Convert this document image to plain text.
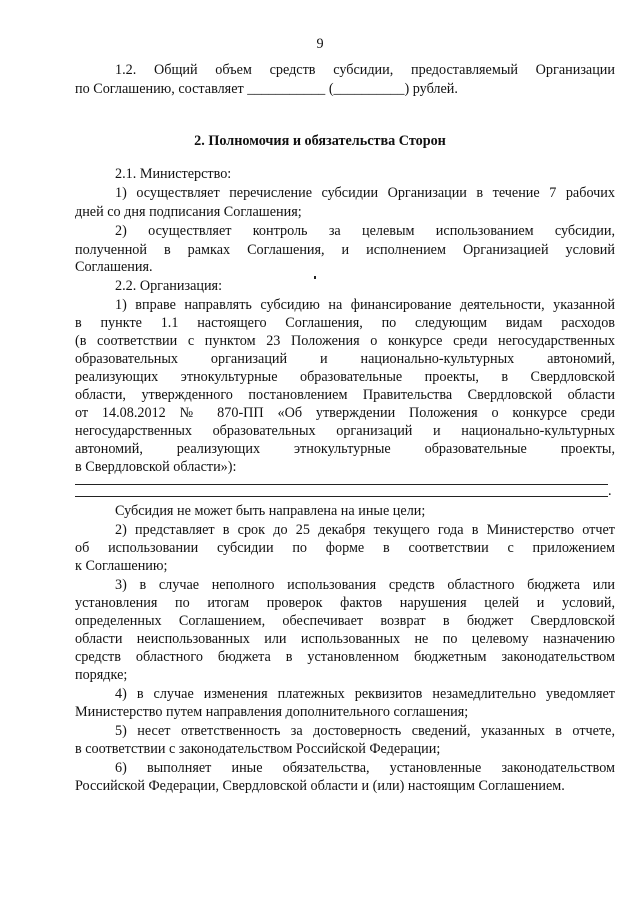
9
1.2. Общий объем средств субсидии, предоставляемый Организации
по Соглашению, составляет ___________ (__________) рублей.
2. Полномочия и обязательства Сторон
2.1. Министерство:
1) осуществляет перечисление субсидии Организации в течение 7 рабочих
дней со дня подписания Соглашения;
2) осуществляет контроль за целевым использованием субсидии,
полученной в рамках Соглашения, и исполнением Организацией условий
Соглашения.
2.2. Организация:
1) вправе направлять субсидию на финансирование деятельности, указанной
в пункте 1.1 настоящего Соглашения, по следующим видам расходов
(в соответствии с пунктом 23 Положения о конкурсе среди негосударственных
образовательных организаций и национально-культурных автономий,
реализующих этнокультурные образовательные проекты, в Свердловской
области, утвержденного постановлением Правительства Свердловской области
от 14.08.2012 № 870-ПП «Об утверждении Положения о конкурсе среди
негосударственных образовательных организаций и национально-культурных
автономий, реализующих этнокультурные образовательные проекты,
в Свердловской области»):
.
Субсидия не может быть направлена на иные цели;
2) представляет в срок до 25 декабря текущего года в Министерство отчет
об использовании субсидии по форме в соответствии с приложением
к Соглашению;
3) в случае неполного использования средств областного бюджета или
установления по итогам проверок фактов нарушения целей и условий,
определенных Соглашением, обеспечивает возврат в бюджет Свердловской
области неиспользованных или использованных не по целевому назначению
средств областного бюджета в установленном бюджетным законодательством
порядке;
4) в случае изменения платежных реквизитов незамедлительно уведомляет
Министерство путем направления дополнительного соглашения;
5) несет ответственность за достоверность сведений, указанных в отчете,
в соответствии с законодательством Российской Федерации;
6) выполняет иные обязательства, установленные законодательством
Российской Федерации, Свердловской области и (или) настоящим Соглашением.
